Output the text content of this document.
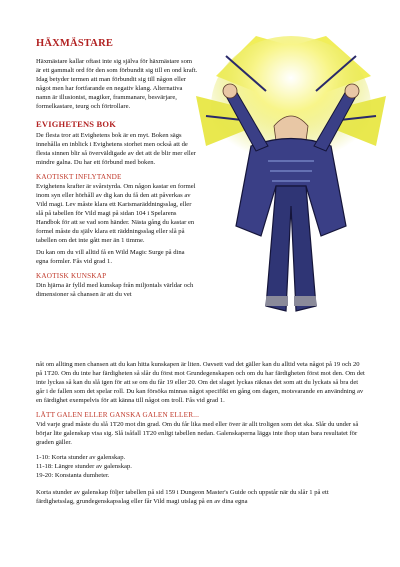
HÄXMÄSTARE

Häxmästare kallar oftast inte sig själva för häxmästare som är ett gammalt ord för den som förbundit sig till en ond kraft. Idag betyder termen att man förbundit sig till någon eller något men har fortfarande en negativ klang. Alternativa namn är illusionist, magiker, frammanare, besvärjare, formelkastare, teurg och förtrollare.

EVIGHETENS BOK

De flesta tror att Evighetens bok är en myt. Boken sägs innehålla en inblick i Evighetens storhet men också att de flesta sinnen blir så överväldigade av det att de blir mer eller mindre galna. Du har ett förbund med boken.

KAOTISKT INFLYTANDE

Evighetens krafter är svårstyrda. Om någon kastar en formel inom syn eller hörhåll av dig kan du få den att påverkas av Vild magi. Lev måste klara ett Karismaräddningsslag, eller slå på tabellen för Vild magi på sidan 104 i Spelarens Handbok för att se vad som händer. Nästa gång du kastar en formel måste du själv klara ett räddningsslag eller slå på tabellen om det inte gått mer än 1 timme.

Du kan om du vill alltid få en Wild Magic Surge på dina egna formler. Fås vid grad 1.

KAOTISK KUNSKAP

Din hjärna är fylld med kunskap från miljontals världar och dimensioner så chansen är att du vet

nåt om allting men chansen att du kan hitta kunskapen är liten. Oavsett vad det gäller kan du alltid veta något på 19 och 20 på 1T20. Om du inte har färdigheten så slår du först mot Grundegenskapen och om du har färdigheten först mot den. Om det inte lyckas så kan du slå igen för att se om du får 19 eller 20. Om det slaget lyckas räknas det som att du lyckats så bra det går i de fallen som det spelar roll. Du kan försöka minnas något specifikt en gång om dagen, motsvarande en användning av en färdighet exempelvis för att känna till något om troll. Fås vid grad 1.

LÄTT GALEN ELLER GANSKA GALEN ELLER...

Vid varje grad måste du slå 1T20 mot din grad. Om du får lika med eller över är allt troligen som det ska. Slår du under så börjar lite galenskap visa sig. Slå isåfall 1T20 enligt tabellen nedan. Galenskaperna läggs inte ihop utan bara resultatet för graden gäller.

1-10: Korta stunder av galenskap.

11-18: Längre stunder av galenskap.

19-20: Konstanta dumheter.

Korta stunder av galenskap följer tabellen på sid 159 i Dungeon Master's Guide och uppstår när du slår 1 på ett färdighetsslag, grundegenskapsslag eller får Vild magi utslag på en av dina egna
